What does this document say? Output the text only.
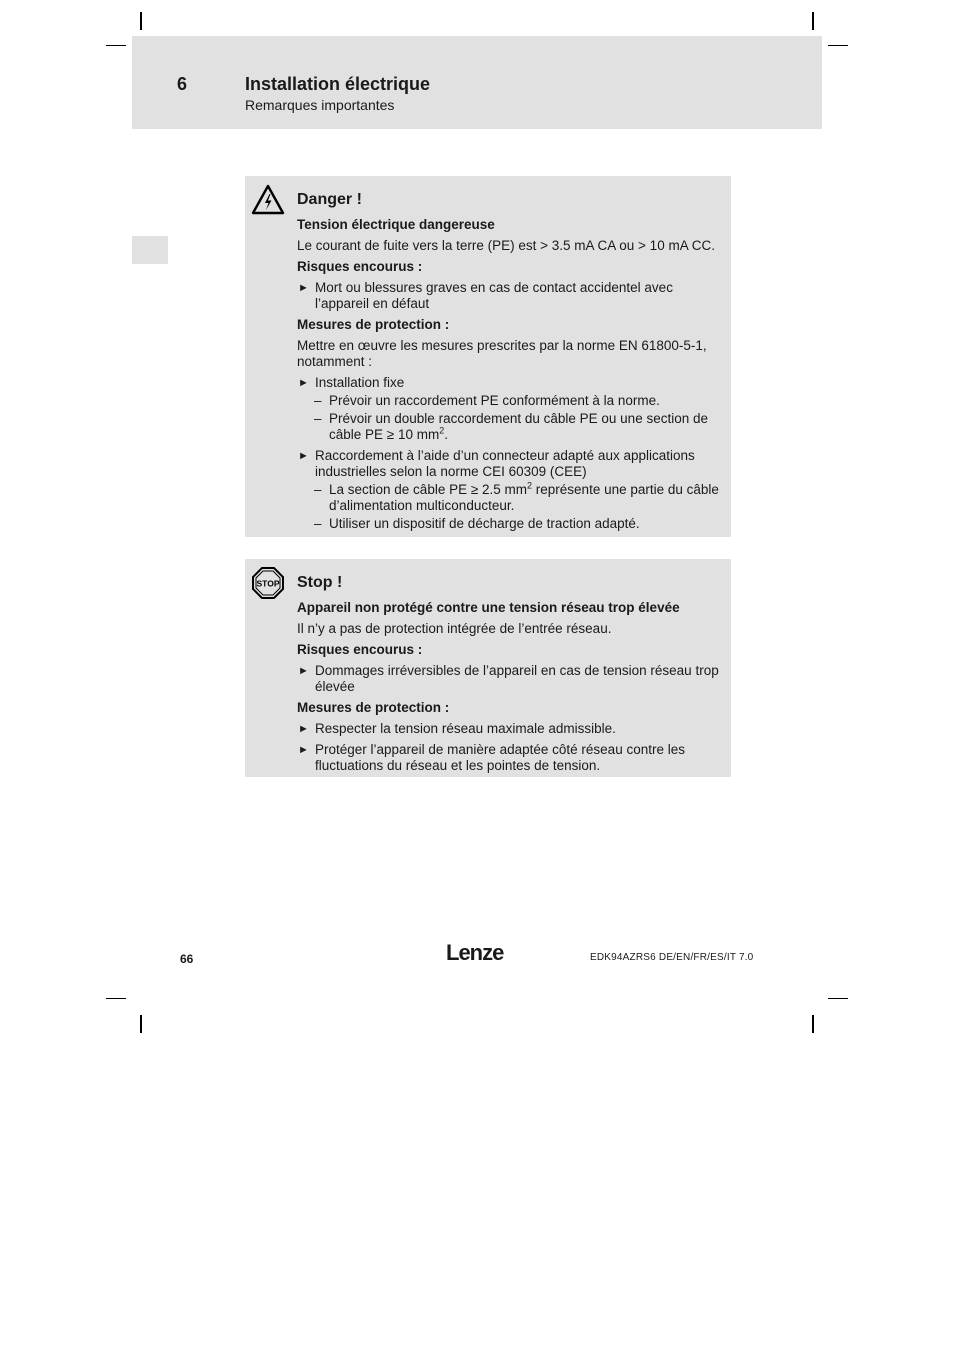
6	Installation électrique
Remarques importantes
Danger !
Tension électrique dangereuse
Le courant de fuite vers la terre (PE) est > 3.5 mA CA ou > 10 mA CC.
Risques encourus :
► Mort ou blessures graves en cas de contact accidentel avec l’appareil en défaut
Mesures de protection :
Mettre en œuvre les mesures prescrites par la norme EN 61800-5-1, notamment :
► Installation fixe
– Prévoir un raccordement PE conformément à la norme.
– Prévoir un double raccordement du câble PE ou une section de câble PE ≥ 10 $mm^2$.
► Raccordement à l’aide d’un connecteur adapté aux applications industrielles selon la norme CEI 60309 (CEE)
– La section de câble PE ≥ 2.5 $mm^2$ représente une partie du câble d’alimentation multiconducteur.
– Utiliser un dispositif de décharge de traction adapté.
STOP Stop !
Appareil non protégé contre une tension réseau trop élevée
Il n’y a pas de protection intégrée de l’entrée réseau.
Risques encourus :
► Dommages irréversibles de l’appareil en cas de tension réseau trop élevée
Mesures de protection :
► Respecter la tension réseau maximale admissible.
► Protéger l’appareil de manière adaptée côté réseau contre les fluctuations du réseau et les pointes de tension.
66	Lenze	EDK94AZRS6 DE/EN/FR/ES/IT 7.0
